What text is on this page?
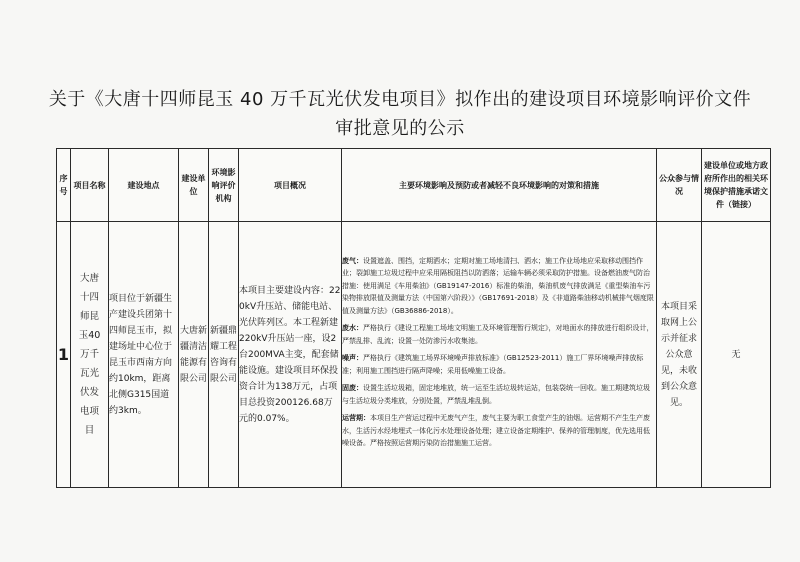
关于《大唐十四师昆玉 40 万千瓦光伏发电项目》拟作出的建设项目环境影响评价文件
审批意见的公示
序号	项目名称	建设地点	建设单位	环境影响评价机构	项目概况	主要环境影响及预防或者减轻不良环境影响的对策和措施	公众参与情况	建设单位或地方政府所作出的相关环境保护措施承诺文件（链接）
1	大唐十四师昆玉40万千瓦光伏发电项目	项目位于新疆生产建设兵团第十四师昆玉市，拟建场址中心位于昆玉市西南方向约10km，距离北侧G315国道约3km。	大唐新疆清洁能源有限公司	新疆鼎耀工程咨询有限公司	本项目主要建设内容：220kV升压站、储能电站、光伏阵列区。本工程新建220kV升压站一座，设2台200MVA主变，配套储能设施。建设项目环保投资合计为138万元，占项目总投资200126.68万元的0.07%。	废气：设置遮盖、围挡，定期洒水；定期对施工场地清扫、洒水；施工作业场地应采取移动围挡作业；裂卸施工垃圾过程中应采用隔板阻挡以防洒落；运输车辆必须采取防护措施。设备燃油废气防治措施：使用满足《车用柴油》（GB19147-2016）标准的柴油，柴油机废气排放满足《重型柴油车污染物排放限值及测量方法（中国第六阶段）》（GB17691-2018）及《非道路柴油移动机械排气烟度限值及测量方法》（GB36886-2018）。

废水：严格执行《建设工程施工场地文明施工及环境管理暂行规定》，对地面水的排放进行组织设计，严禁乱排、乱流；设置一处防渗污水收集池。

噪声：严格执行《建筑施工场界环境噪声排放标准》（GB12523-2011）施工厂界环境噪声排放标准；利用施工围挡进行隔声降噪；采用低噪施工设备。

固废：设置生活垃圾箱，固定地堆放，统一运至生活垃圾转运站，包装袋统一回收。施工期建筑垃圾与生活垃圾分类堆放，分别处置，严禁乱堆乱倒。

运营期：本项目生产营运过程中无废气产生，废气主要为职工食堂产生的油烟。运营期不产生生产废水，生活污水经地埋式一体化污水处理设备处理；建立设备定期维护、保养的管理制度，优先选用低噪设备。严格按照运营期污染防治措施施工运营。	本项目采取网上公示并征求公众意见，未收到公众意见。	无
